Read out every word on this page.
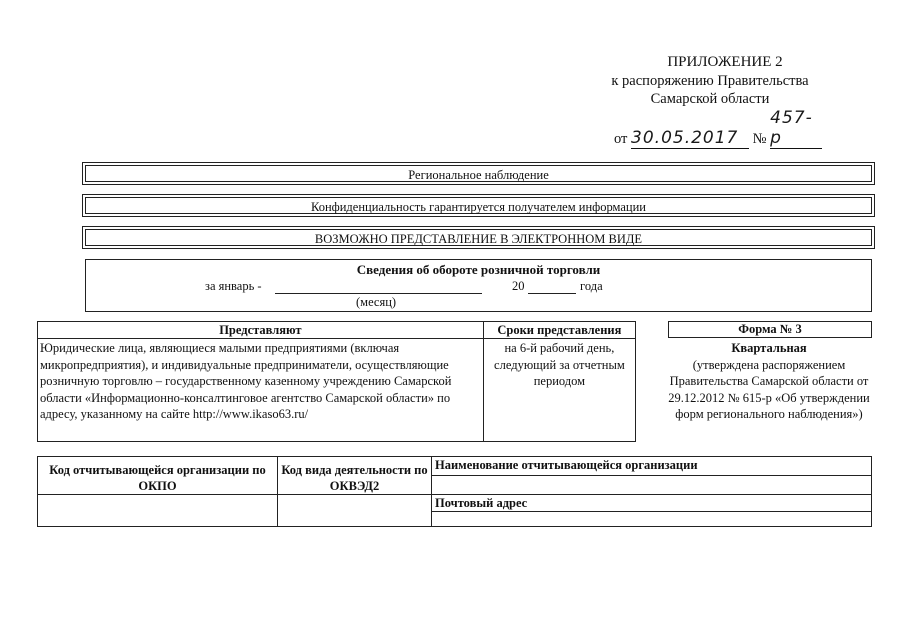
ПРИЛОЖЕНИЕ 2
к распоряжению Правительства
Самарской области
от 30.05.2017 № 457-р
Региональное наблюдение
Конфиденциальность гарантируется получателем информации
ВОЗМОЖНО ПРЕДСТАВЛЕНИЕ В ЭЛЕКТРОННОМ ВИДЕ
Сведения об обороте розничной торговли
за январь -	20	года
(месяц)
Представляют	Сроки представления
Юридические лица, являющиеся малыми предприятиями (включая микропредприятия), и индивидуальные предприниматели, осуществляющие розничную торговлю – государственному казенному учреждению Самарской области «Информационно-консалтинговое агентство Самарской области» по адресу, указанному на сайте http://www.ikaso63.ru/	на 6-й рабочий день, следующий за отчетным периодом
Форма № 3
Квартальная
(утверждена распоряжением Правительства Самарской области от 29.12.2012 № 615-р «Об утверждении форм регионального наблюдения»)
Код отчитывающейся организации по ОКПО	Код вида деятельности по ОКВЭД2	Наименование отчитывающейся организации

		Почтовый адрес
